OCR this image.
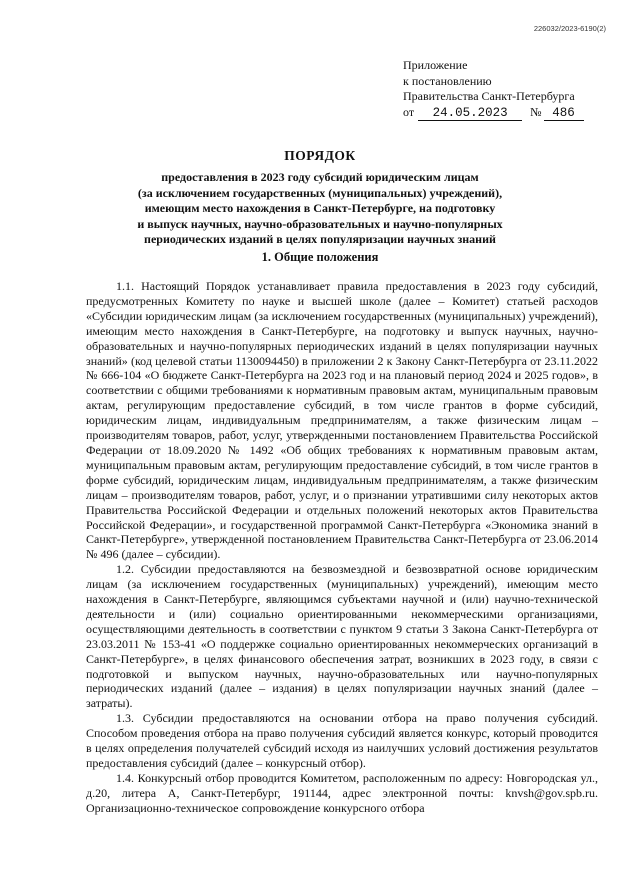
226032/2023-6190(2)
Приложение
к постановлению
Правительства Санкт-Петербурга
от 24.05.2023 № 486
ПОРЯДОК
предоставления в 2023 году субсидий юридическим лицам
(за исключением государственных (муниципальных) учреждений),
имеющим место нахождения в Санкт-Петербурге, на подготовку
и выпуск научных, научно-образовательных и научно-популярных
периодических изданий в целях популяризации научных знаний
1. Общие положения

1.1. Настоящий Порядок устанавливает правила предоставления в 2023 году субсидий, предусмотренных Комитету по науке и высшей школе (далее – Комитет) статьей расходов «Субсидии юридическим лицам (за исключением государственных (муниципальных) учреждений), имеющим место нахождения в Санкт-Петербурге, на подготовку и выпуск научных, научно-образовательных и научно-популярных периодических изданий в целях популяризации научных знаний» (код целевой статьи 1130094450) в приложении 2 к Закону Санкт-Петербурга от 23.11.2022 № 666-104 «О бюджете Санкт-Петербурга на 2023 год и на плановый период 2024 и 2025 годов», в соответствии с общими требованиями к нормативным правовым актам, муниципальным правовым актам, регулирующим предоставление субсидий, в том числе грантов в форме субсидий, юридическим лицам, индивидуальным предпринимателям, а также физическим лицам – производителям товаров, работ, услуг, утвержденными постановлением Правительства Российской Федерации от 18.09.2020 № 1492 «Об общих требованиях к нормативным правовым актам, муниципальным правовым актам, регулирующим предоставление субсидий, в том числе грантов в форме субсидий, юридическим лицам, индивидуальным предпринимателям, а также физическим лицам – производителям товаров, работ, услуг, и о признании утратившими силу некоторых актов Правительства Российской Федерации и отдельных положений некоторых актов Правительства Российской Федерации», и государственной программой Санкт-Петербурга «Экономика знаний в Санкт-Петербурге», утвержденной постановлением Правительства Санкт-Петербурга от 23.06.2014 № 496 (далее – субсидии).

1.2. Субсидии предоставляются на безвозмездной и безвозвратной основе юридическим лицам (за исключением государственных (муниципальных) учреждений), имеющим место нахождения в Санкт-Петербурге, являющимся субъектами научной и (или) научно-технической деятельности и (или) социально ориентированными некоммерческими организациями, осуществляющими деятельность в соответствии с пунктом 9 статьи 3 Закона Санкт-Петербурга от 23.03.2011 № 153-41 «О поддержке социально ориентированных некоммерческих организаций в Санкт-Петербурге», в целях финансового обеспечения затрат, возникших в 2023 году, в связи с подготовкой и выпуском научных, научно-образовательных или научно-популярных периодических изданий (далее – издания) в целях популяризации научных знаний (далее – затраты).

1.3. Субсидии предоставляются на основании отбора на право получения субсидий. Способом проведения отбора на право получения субсидий является конкурс, который проводится в целях определения получателей субсидий исходя из наилучших условий достижения результатов предоставления субсидий (далее – конкурсный отбор).

1.4. Конкурсный отбор проводится Комитетом, расположенным по адресу: Новгородская ул., д.20, литера А, Санкт-Петербург, 191144, адрес электронной почты: knvsh@gov.spb.ru. Организационно-техническое сопровождение конкурсного отбора
